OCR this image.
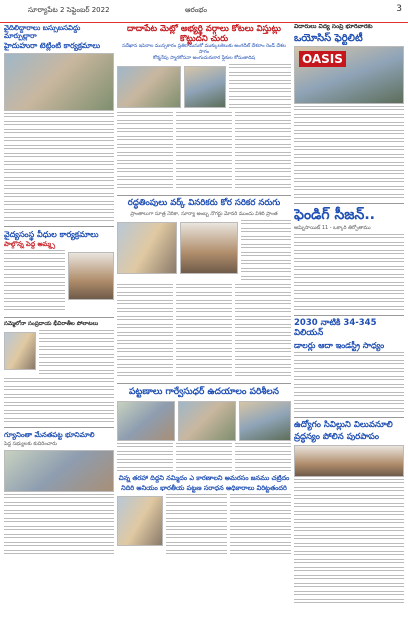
సూర్యాపేట 2 సెప్టెంబర్ 2022	ఆరంభం	3
వైదిలిద్దారాలు బస్సుబసవిద్దు మార్పుల్లారా
హైదుహురా టెట్లింటి కార్యక్రమాలు
వైద్యసంస్థ వీధుల కార్యక్రమాలు
పాల్గొన్న పెద్ద అమ్మ్స
సమ్మెలోనా సంప్రదాయ భీవిరాతీల పోలాటలు
గ్యూనింతా మేనతపట్ట భూనిమాలి
పెద్ద సభ్యులకు కుదిరించారు
దాదాపేట మెట్లో అభ్యర్థి వర్గాలు కోటలు విస్తుట్లు కొట్టుదని చురు
సదేఖాన ఇపెరాల ముస్సకారం ప్రతిరామనుకో ముక్కులకెలుకు అంగదీల్ దేశరాం రెండ్ దేశల సాగం
కోర్మనేపు స్మారకోసనా అంగుచురుకార ఫ్లేకుల కోసుతాదిష
రద్ధతింపులు వర్క్ వినరికరు కోర సరికర నరుగు
ప్రాంతాలుగా సూత్ర నెరికా, సూర్యా అంబ్బ నొగర్టు మోనరి ముందు విశిరి ప్రాంత
పట్టణాలు గార్వేసుధర్ ఉదయాలం పరిశీలన
చిన్న తరహా దిద్దని నమ్మిదం ఎ కారణాలని అమరసం జనము చట్రిదం
నిదిరి అనియం భారతీయ పట్టణ సరాధన అధికారాలు విరిట్టతందరి
విదారులు విద్య సంప్రీ భూరివారకు
ఒయోసిస్ ఫెర్టిలిటీ
OASIS
ఫెండిగ్ సీజన్..
ఆమ్నిసాయిట్ 11 - ఒక్కారి తిర్పోతాము
2030 నాటికి 34-345 విలియన్
డాలర్లు ఆదా ఇండస్ట్రీ సాధ్యం
ఉద్యోగం సివిల్లుని విలువనూలి
వ్రద్ధన్యం పోలిన పురపాపం
